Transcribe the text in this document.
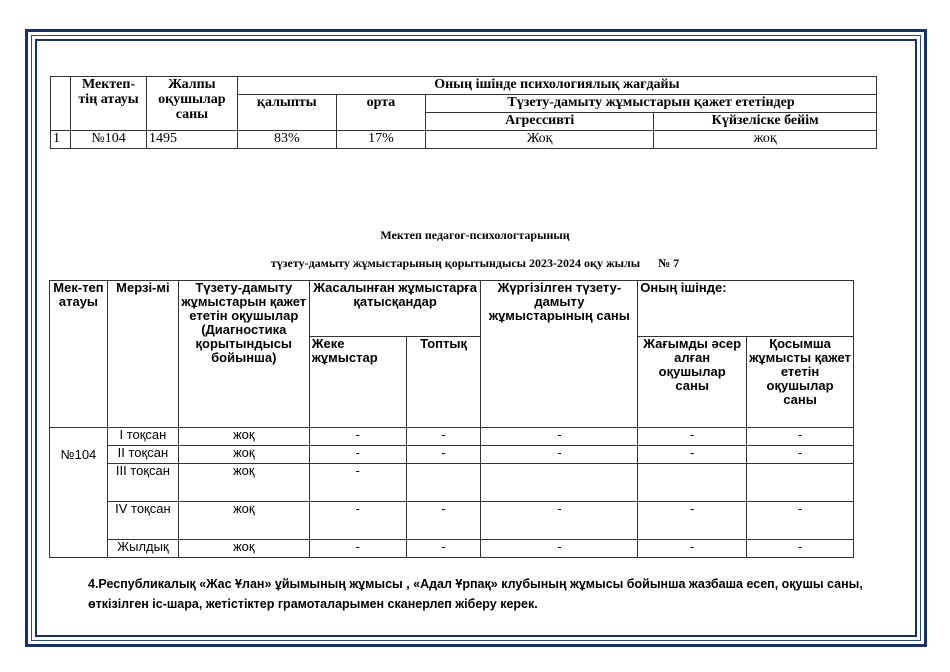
	Мектеп-тің атауы	Жалпы оқушылар саны	Оның ішінде психологиялық жағдайы			
			қалыпты	орта	Түзету-дамыту жұмыстарын қажет ететіндер	
					Агрессивті	Күйзеліске бейім
1	№104	1495	83%	17%	Жоқ	жоқ
Мектеп педагог-психологтарының
түзету-дамыту жұмыстарының қорытындысы 2023-2024 оқу жылы      № 7
Мек-теп атауы	Мерзі-мі	Түзету-дамыту жұмыстарын қажет ететін оқушылар (Диагностика қорытындысы бойынша)	Жасалынған жұмыстарға қатысқандар		Жүргізілген түзету-дамыту жұмыстарының саны	Оның ішінде:	
			Жеке жұмыстар	Топтық		Жағымды әсер алған оқушылар саны	Қосымша жұмысты қажет ететін оқушылар саны
№104	I тоқсан	жоқ	-	-	-	-	-
	II тоқсан	жоқ	-	-	-	-	-
	III тоқсан	жоқ	-				
	IV тоқсан	жоқ	-	-	-	-	-
	Жылдық	жоқ	-	-	-	-	-
4.Республикалық «Жас Ұлан» ұйымының жұмысы , «Адал Ұрпақ» клубының жұмысы бойынша жазбаша есеп, оқушы саны, өткізілген іс-шара, жетістіктер грамоталарымен сканерлеп жіберу керек.
